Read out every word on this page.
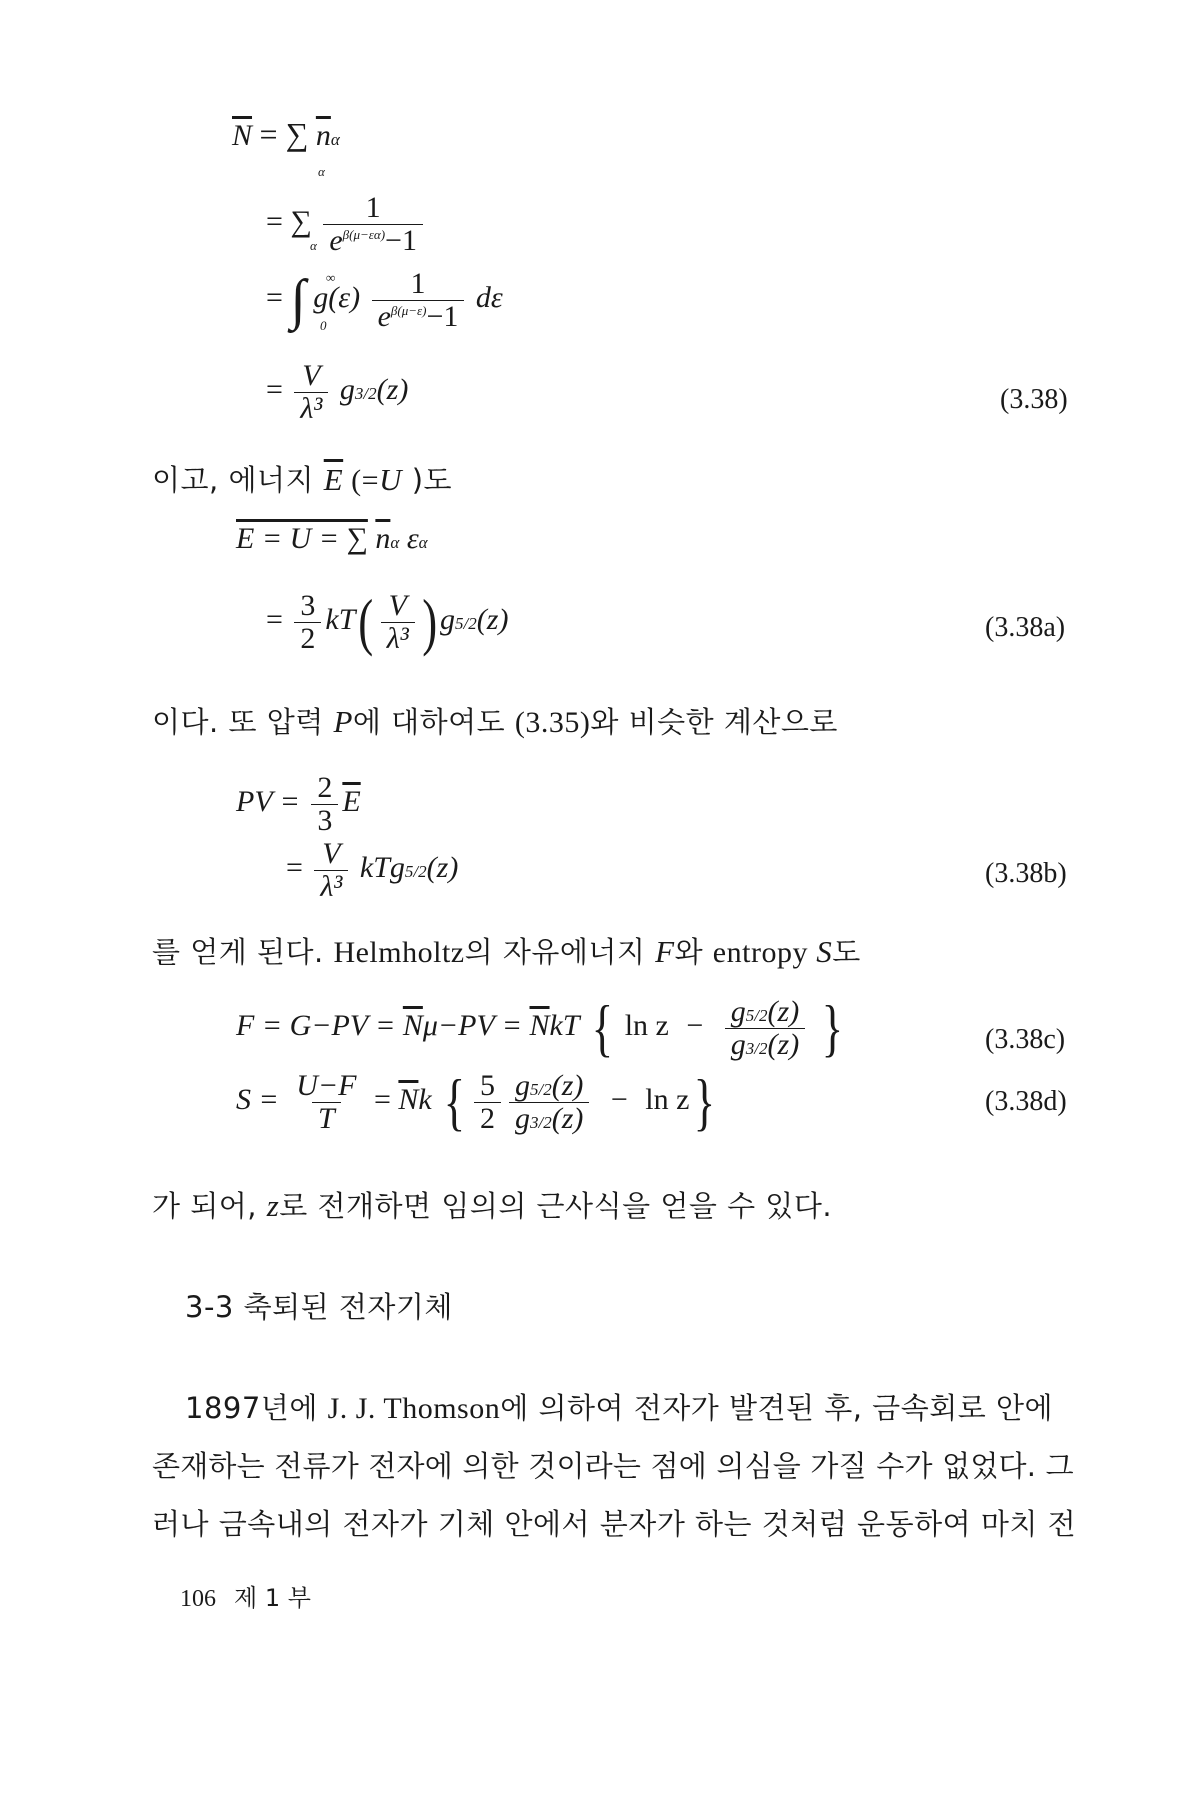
$\overline{N}$ = ∑ $\overline{n}\alpha$
α
= ∑ $\frac{1}{e^{\beta(\mu-\varepsilon\alpha)}-1}$
α
= ∫ $g(\varepsilon) \frac{1}{e^{\beta(\mu-\varepsilon)}-1}$ dε
∞
0
= $\frac{V}{\text{λ³}} g3/2(z)$	(3.38)
이고, 에너지 $\overline{E}$ (=U )도
E = U = ∑ $\overline{n}\alpha$ εα
= $\frac{3}{2} kT( \frac{V}{\text{λ³}}$ ) g5/2(z)	(3.38a)
이다. 또 압력 P에 대하여도 (3.35)와 비슷한 계산으로
PV = $\frac{2}{3} \overline{E}$
= $\frac{V}{\text{λ³}} kTg5/2(z)$	(3.38b)
를 얻게 된다. Helmholtz의 자유에너지 F와 entropy S도
$F = G-PV = \overline{N}\mu-PV = \overline{N}kT$ { $\ln z - \frac{g5/2(z)}{g3/2(z)}$ }	(3.38c)
$S = \frac{U-F}{T} = \overline{N}k$ { $\frac{5}{2} \frac{g5/2(z)}{g3/2(z)} - \ln z$}	(3.38d)
가 되어, z로 전개하면 임의의 근사식을 얻을 수 있다.
3-3 축퇴된 전자기체
1897년에 J. J. Thomson에 의하여 전자가 발견된 후, 금속회로 안에
존재하는 전류가 전자에 의한 것이라는 점에 의심을 가질 수가 없었다. 그
러나 금속내의 전자가 기체 안에서 분자가 하는 것처럼 운동하여 마치 전
106 제 1 부
